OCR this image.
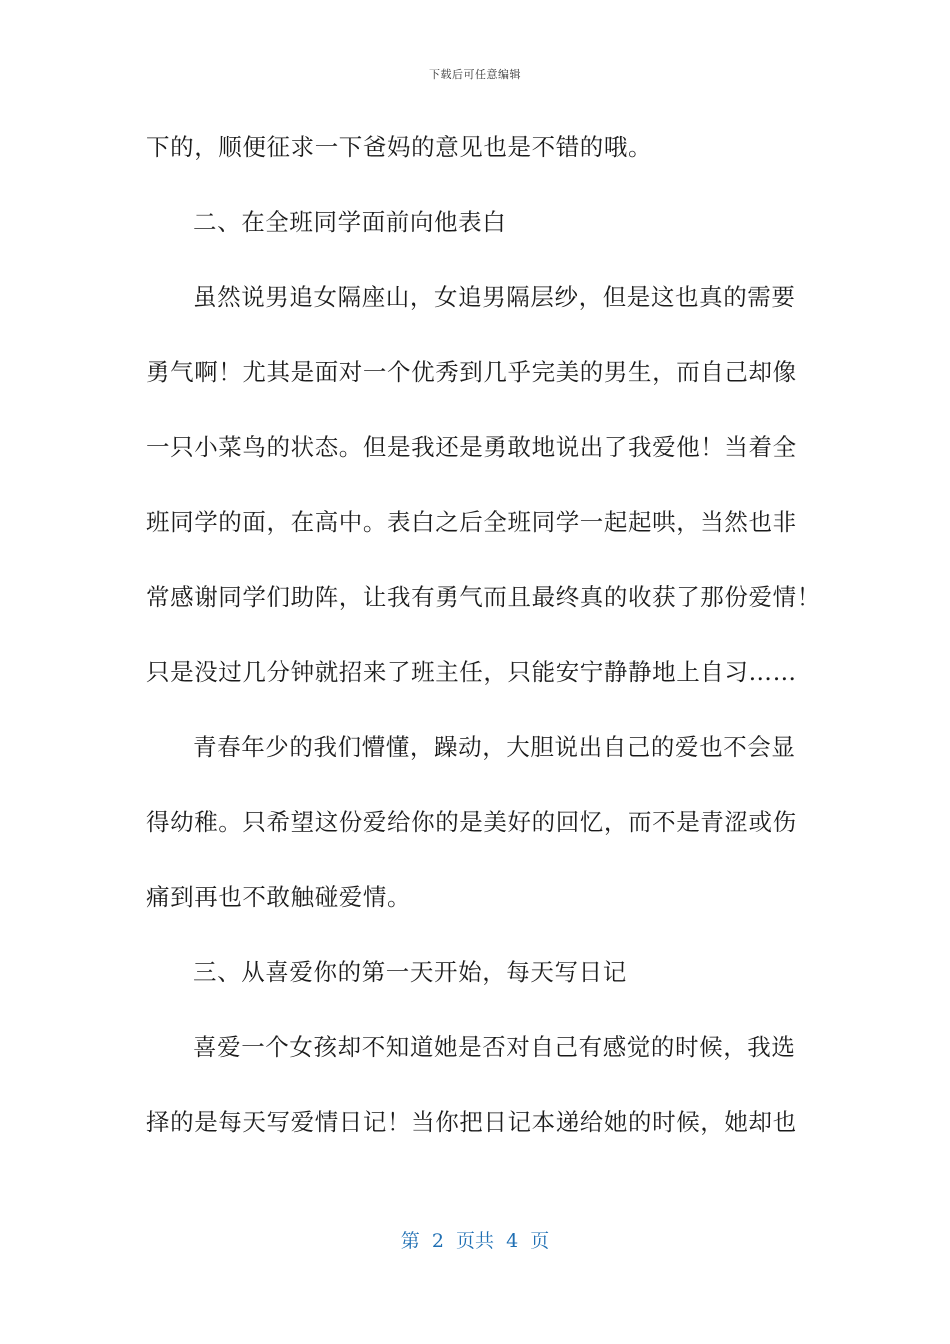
下载后可任意编辑
下的，顺便征求一下爸妈的意见也是不错的哦。
二、在全班同学面前向他表白
虽然说男追女隔座山，女追男隔层纱，但是这也真的需要
勇气啊！尤其是面对一个优秀到几乎完美的男生，而自己却像
一只小菜鸟的状态。但是我还是勇敢地说出了我爱他！当着全
班同学的面，在高中。表白之后全班同学一起起哄，当然也非
常感谢同学们助阵，让我有勇气而且最终真的收获了那份爱情！
只是没过几分钟就招来了班主任，只能安宁静静地上自习……
青春年少的我们懵懂，躁动，大胆说出自己的爱也不会显
得幼稚。只希望这份爱给你的是美好的回忆，而不是青涩或伤
痛到再也不敢触碰爱情。
三、从喜爱你的第一天开始，每天写日记
喜爱一个女孩却不知道她是否对自己有感觉的时候，我选
择的是每天写爱情日记！当你把日记本递给她的时候，她却也
第  2  页共  4  页
